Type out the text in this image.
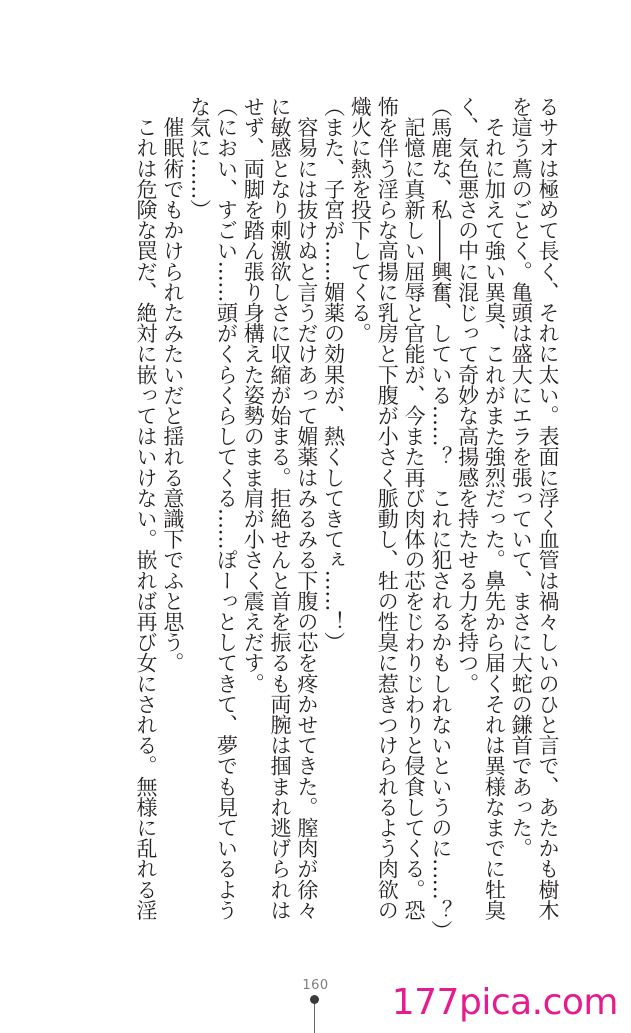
るサオは極めて長く、それに太い。表面に浮く血管は禍々しいのひと言で、あたかも樹木
を這う蔦のごとく。亀頭は盛大にエラを張っていて、まさに大蛇の鎌首であった。
　それに加えて強い異臭、これがまた強烈だった。鼻先から届くそれは異様なまでに牡臭
く、気色悪さの中に混じって奇妙な高揚感を持たせる力を持つ。
（馬鹿な、私――興奮、している……？　これに犯されるかもしれないというのに……？）
　記憶に真新しい屈辱と官能が、今また再び肉体の芯をじわりじわりと侵食してくる。恐
怖を伴う淫らな高揚に乳房と下腹が小さく脈動し、牡の性臭に惹きつけられるよう肉欲の
熾火に熱を投下してくる。
（また、子宮が……媚薬の効果が、熱くしてきてぇ……！）
　容易には抜けぬと言うだけあって媚薬はみるみる下腹の芯を疼かせてきた。膣肉が徐々
に敏感となり刺激欲しさに収縮が始まる。拒絶せんと首を振るも両腕は掴まれ逃げられは
せず、両脚を踏ん張り身構えた姿勢のまま肩が小さく震えだす。
（におい、すごい……頭がくらくらしてくる……ぽーっとしてきて、夢でも見ているよう
な気に……）
　催眠術でもかけられたみたいだと揺れる意識下でふと思う。
　これは危険な罠だ、絶対に嵌ってはいけない。嵌れば再び女にされる。無様に乱れる淫
160	177pica.com
